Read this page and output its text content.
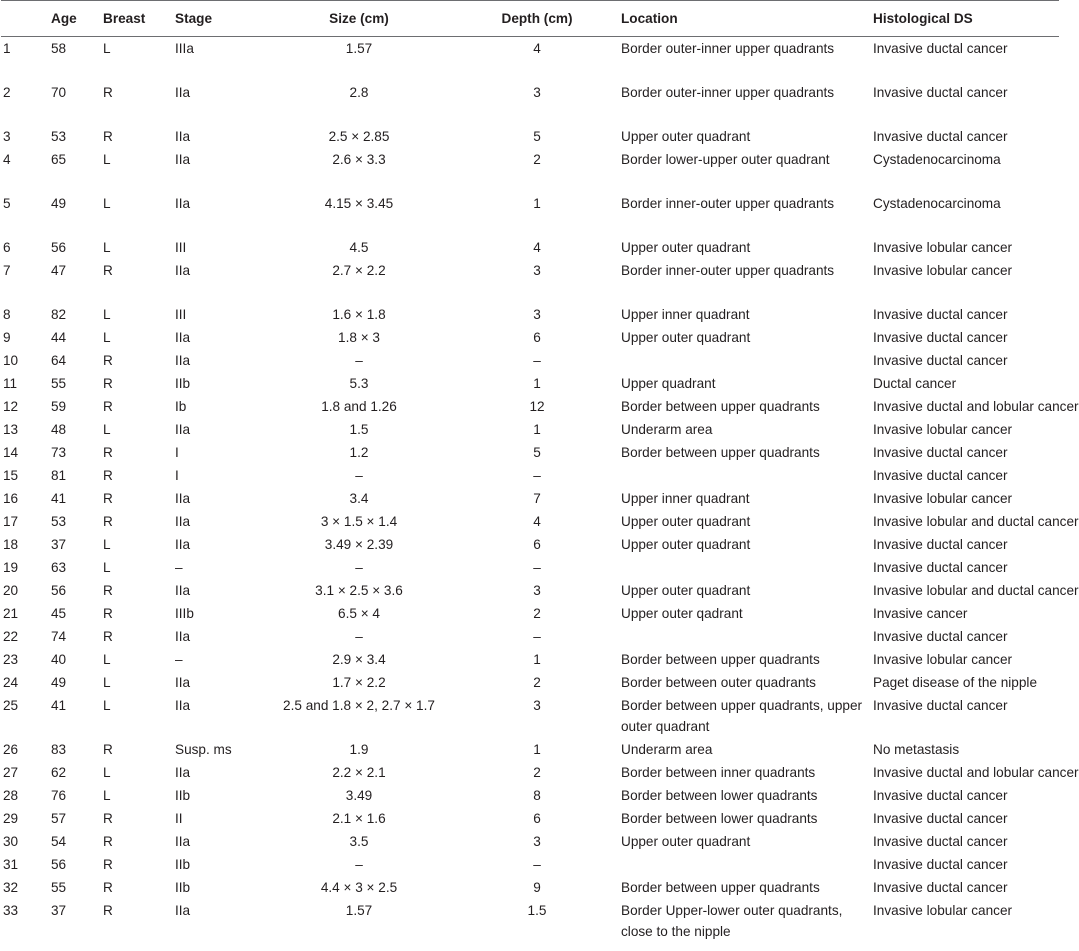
	Age	Breast	Stage	Size (cm)	Depth (cm)	Location	Histological DS
1	58	L	IIIa	1.57	4	Border outer-inner upper quadrants	Invasive ductal cancer
2	70	R	IIa	2.8	3	Border outer-inner upper quadrants	Invasive ductal cancer
3	53	R	IIa	2.5 × 2.85	5	Upper outer quadrant	Invasive ductal cancer
4	65	L	IIa	2.6 × 3.3	2	Border lower-upper outer quadrant	Cystadenocarcinoma
5	49	L	IIa	4.15 × 3.45	1	Border inner-outer upper quadrants	Cystadenocarcinoma
6	56	L	III	4.5	4	Upper outer quadrant	Invasive lobular cancer
7	47	R	IIa	2.7 × 2.2	3	Border inner-outer upper quadrants	Invasive lobular cancer
8	82	L	III	1.6 × 1.8	3	Upper inner quadrant	Invasive ductal cancer
9	44	L	IIa	1.8 × 3	6	Upper outer quadrant	Invasive ductal cancer
10	64	R	IIa	–	–		Invasive ductal cancer
11	55	R	IIb	5.3	1	Upper quadrant	Ductal cancer
12	59	R	Ib	1.8 and 1.26	12	Border between upper quadrants	Invasive ductal and lobular cancer
13	48	L	IIa	1.5	1	Underarm area	Invasive lobular cancer
14	73	R	I	1.2	5	Border between upper quadrants	Invasive ductal cancer
15	81	R	I	–	–		Invasive ductal cancer
16	41	R	IIa	3.4	7	Upper inner quadrant	Invasive lobular cancer
17	53	R	IIa	3 × 1.5 × 1.4	4	Upper outer quadrant	Invasive lobular and ductal cancer
18	37	L	IIa	3.49 × 2.39	6	Upper outer quadrant	Invasive ductal cancer
19	63	L	–	–	–		Invasive ductal cancer
20	56	R	IIa	3.1 × 2.5 × 3.6	3	Upper outer quadrant	Invasive lobular and ductal cancer
21	45	R	IIIb	6.5 × 4	2	Upper outer qadrant	Invasive cancer
22	74	R	IIa	–	–		Invasive ductal cancer
23	40	L	–	2.9 × 3.4	1	Border between upper quadrants	Invasive lobular cancer
24	49	L	IIa	1.7 × 2.2	2	Border between outer quadrants	Paget disease of the nipple
25	41	L	IIa	2.5 and 1.8 × 2, 2.7 × 1.7	3	Border between upper quadrants, upper outer quadrant	Invasive ductal cancer
26	83	R	Susp. ms	1.9	1	Underarm area	No metastasis
27	62	L	IIa	2.2 × 2.1	2	Border between inner quadrants	Invasive ductal and lobular cancer
28	76	L	IIb	3.49	8	Border between lower quadrants	Invasive ductal cancer
29	57	R	II	2.1 × 1.6	6	Border between lower quadrants	Invasive ductal cancer
30	54	R	IIa	3.5	3	Upper outer quadrant	Invasive ductal cancer
31	56	R	IIb	–	–		Invasive ductal cancer
32	55	R	IIb	4.4 × 3 × 2.5	9	Border between upper quadrants	Invasive ductal cancer
33	37	R	IIa	1.57	1.5	Border Upper-lower outer quadrants, close to the nipple	Invasive lobular cancer
